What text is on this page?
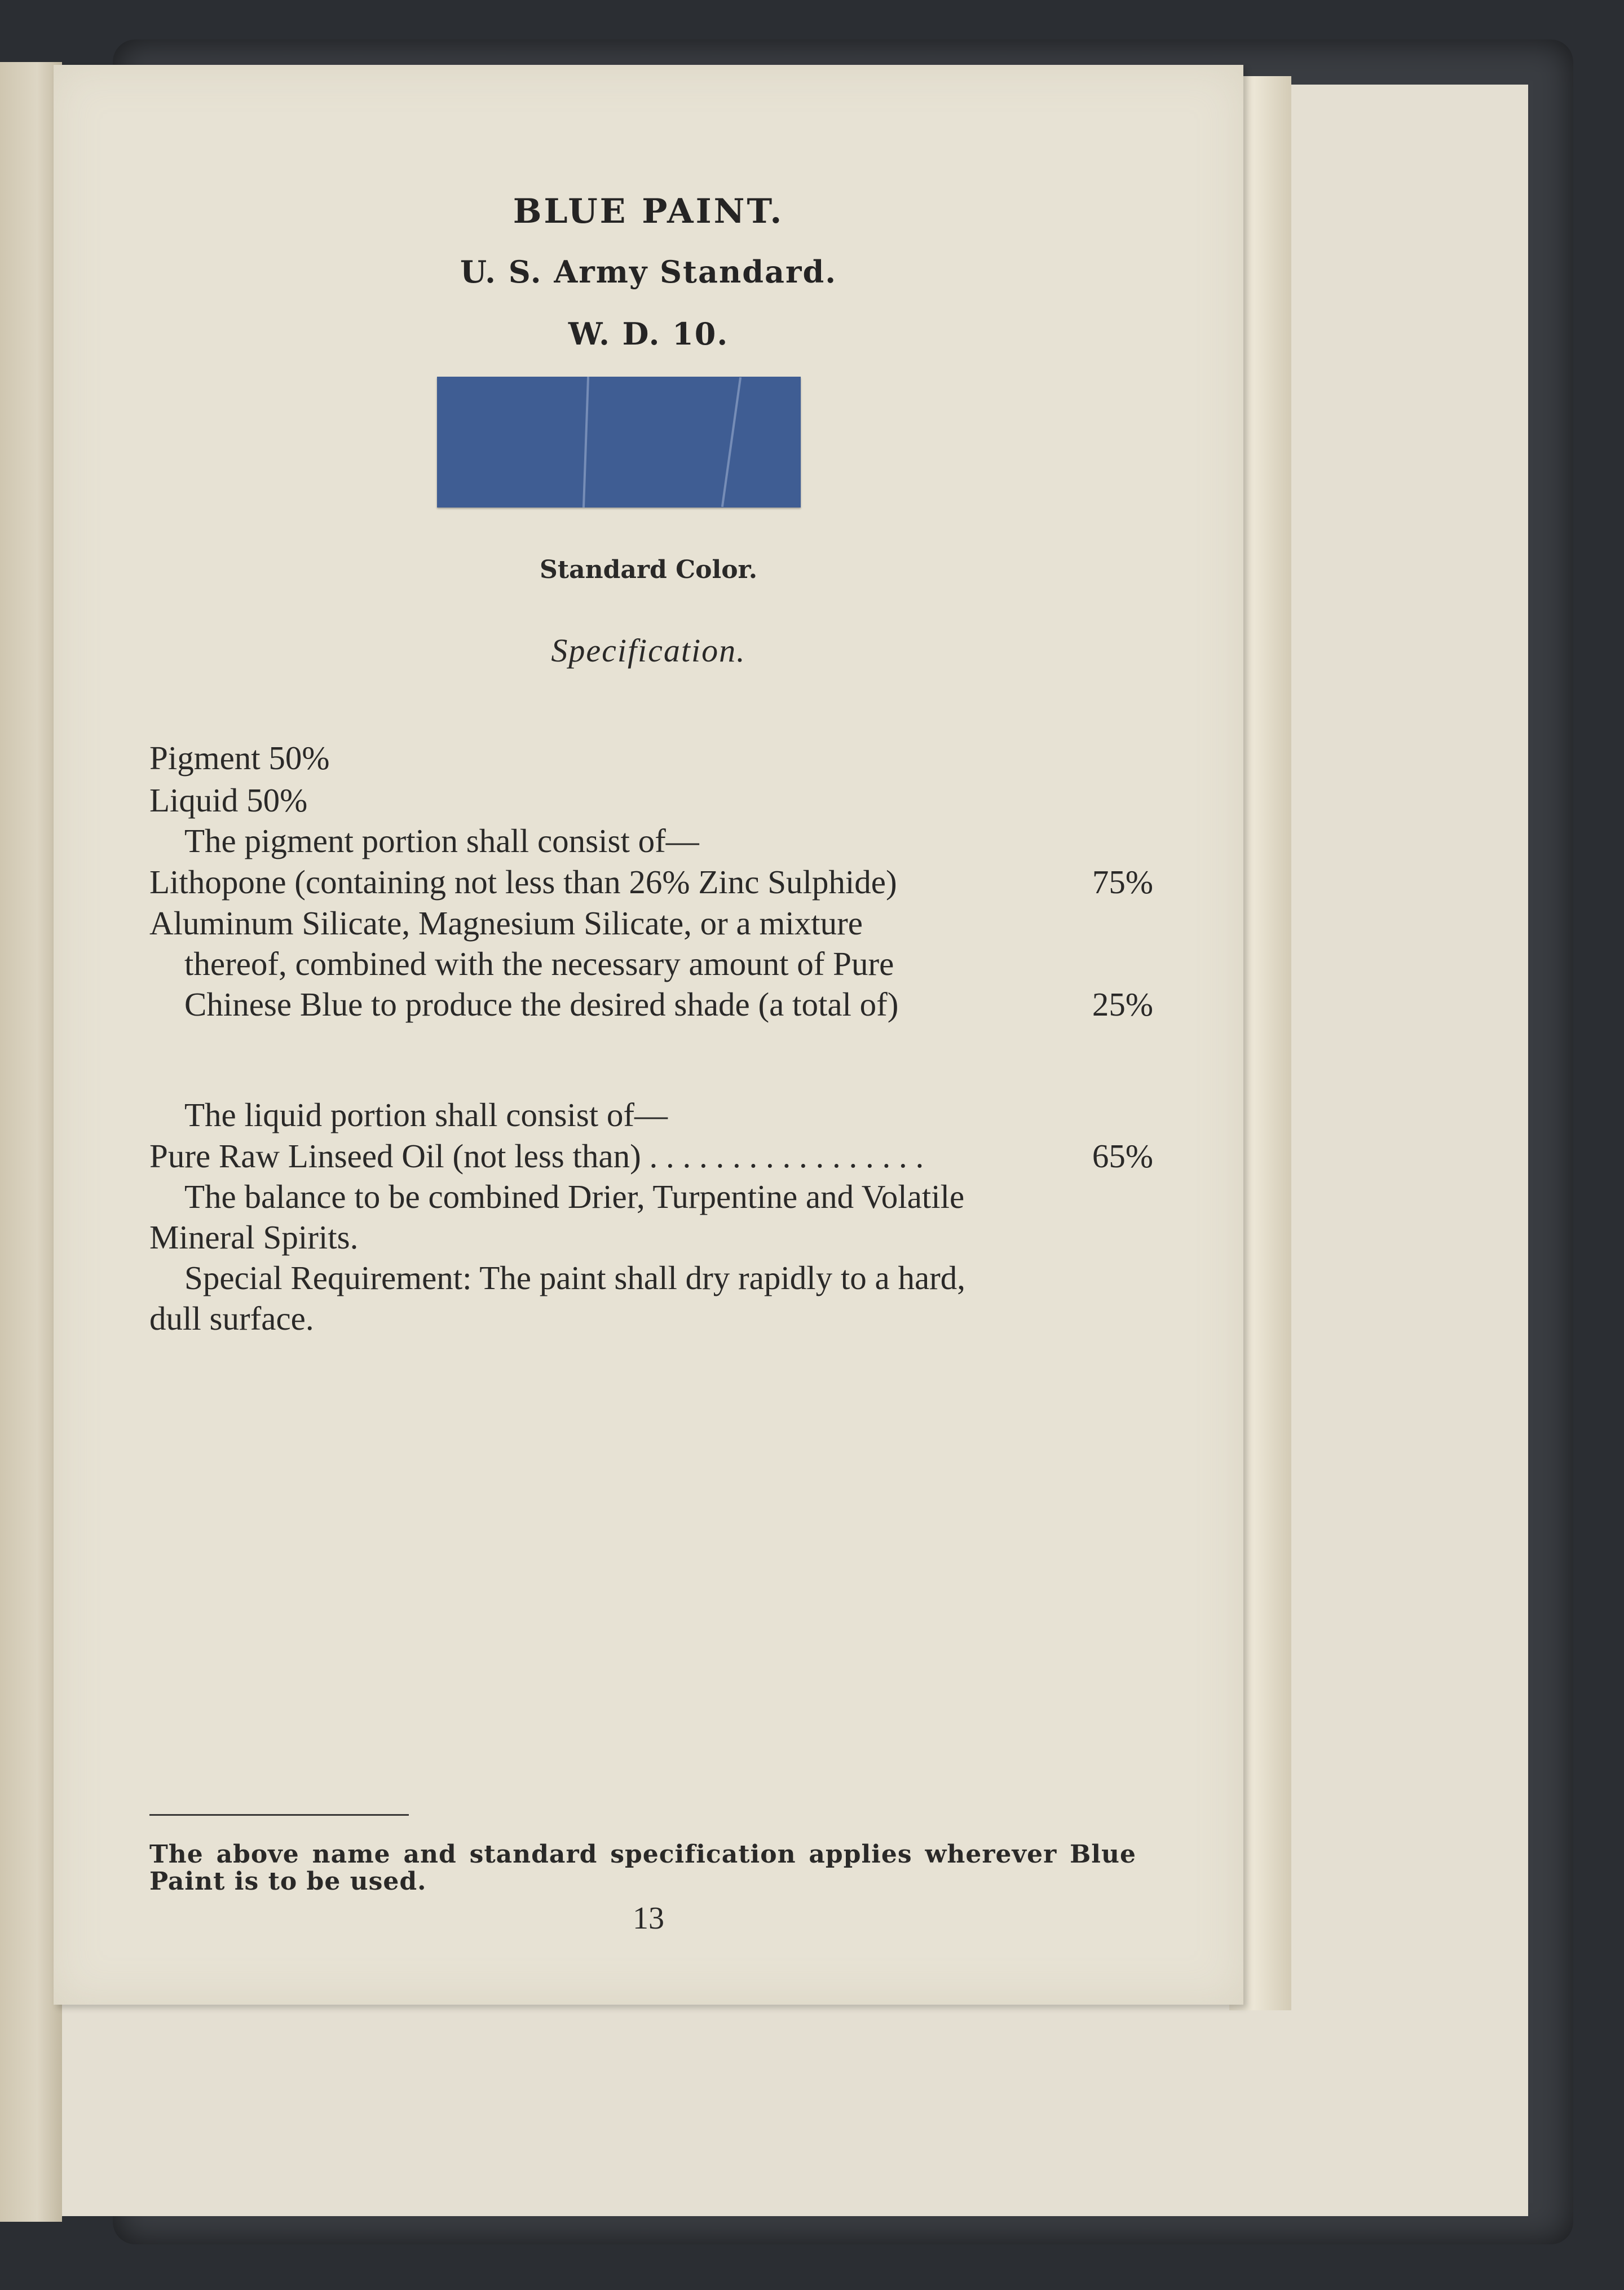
BLUE PAINT.
U. S. Army Standard.
W. D. 10.
Standard Color.
Specification.
Pigment 50%
Liquid 50%
The pigment portion shall consist of—
Lithopone (containing not less than 26% Zinc Sulphide)	75%
Aluminum Silicate, Magnesium Silicate, or a mixture
thereof, combined with the necessary amount of Pure
Chinese Blue to produce the desired shade (a total of)	25%
The liquid portion shall consist of—
Pure Raw Linseed Oil (not less than) . . . . . . . . . . . . . . . . .	65%
The balance to be combined Drier, Turpentine and Volatile
Mineral Spirits.
Special Requirement: The paint shall dry rapidly to a hard,
dull surface.
The above name and standard specification applies wherever Blue Paint is to be used.
13
